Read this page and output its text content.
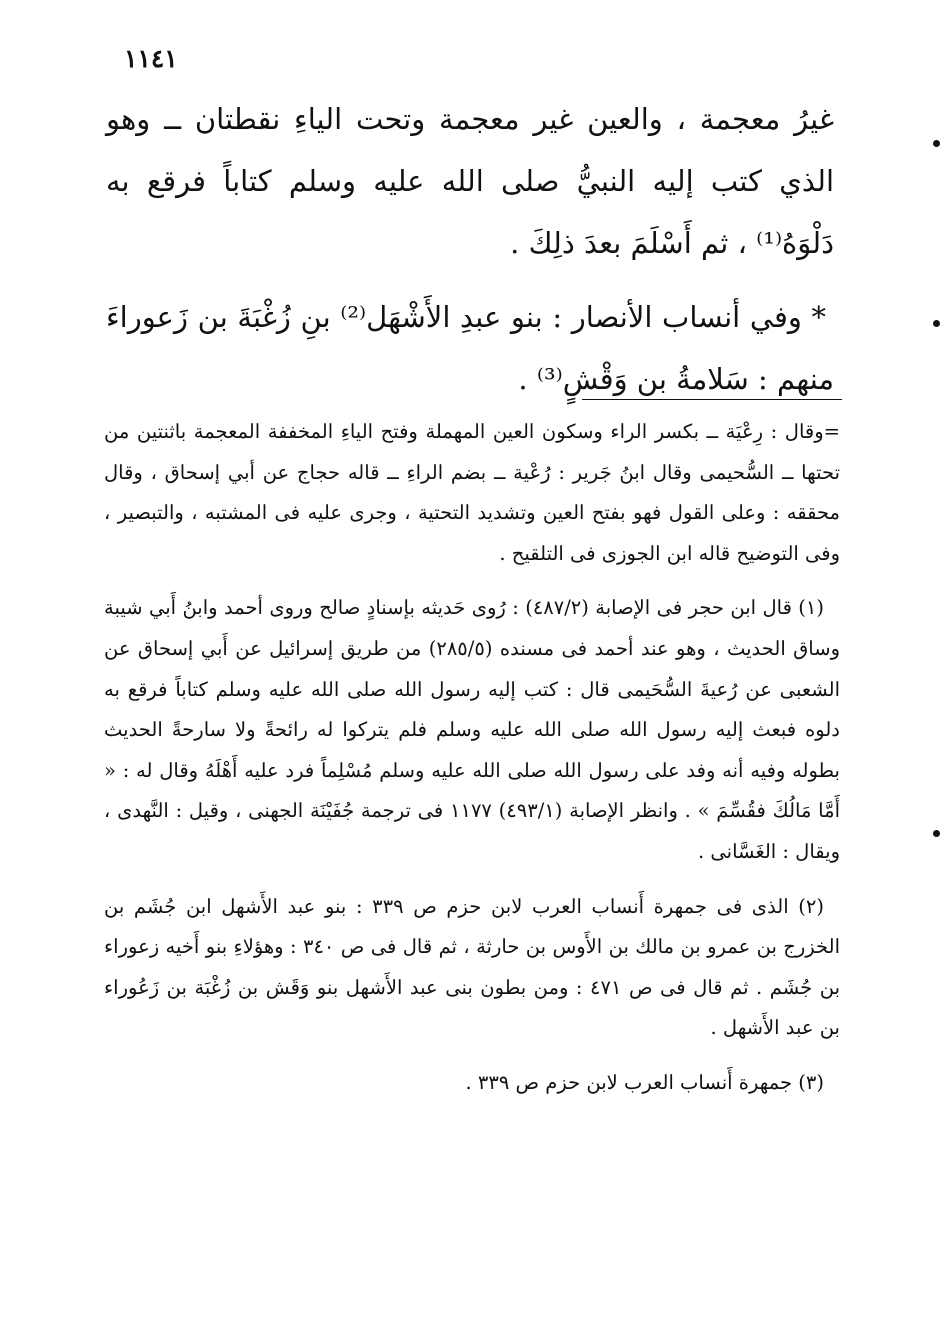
١١٤١

غيرُ معجمة ، والعين غير معجمة وتحت الياءِ نقطتان ــ وهو الذي كتب إليه النبيُّ صلى الله عليه وسلم كتاباً فرقع به دَلْوَهُ⁽¹⁾ ، ثم أَسْلَمَ بعدَ ذلِكَ .

* وفي أنساب الأنصار : بنو عبدِ الأَشْهَل⁽²⁾ بنِ زُغْبَةَ بن زَعوراءَ منهم : سَلامةُ بن وَقْشٍ⁽³⁾ .

=وقال : رِعْيَة ــ بكسر الراء وسكون العين المهملة وفتح الياءِ المخففة المعجمة باثنتين من تحتها ــ السُّحيمى وقال ابنُ جَرير : رُعْية ــ بضم الراءِ ــ قاله حجاج عن أبي إسحاق ، وقال محققه : وعلى القول فهو بفتح العين وتشديد التحتية ، وجرى عليه فى المشتبه ، والتبصير ، وفى التوضيح قاله ابن الجوزى فى التلقيح .

(١) قال ابن حجر فى الإصابة (٤٨٧/٢) : رُوى حَديثه بإسنادٍ صالح وروى أحمد وابنُ أَبي شيبة وساق الحديث ، وهو عند أحمد فى مسنده (٢٨٥/٥) من طريق إسرائيل عن أَبي إسحاق عن الشعبى عن رُعيةَ السُّحَيمى قال : كتب إليه رسول الله صلى الله عليه وسلم كتاباً فرقع به دلوه فبعث إليه رسول الله صلى الله عليه وسلم فلم يتركوا له رائحةً ولا سارحةً الحديث بطوله وفيه أنه وفد على رسول الله صلى الله عليه وسلم مُسْلِماً فرد عليه أَهْلَهُ وقال له : « أَمَّا مَالُكَ فقُسِّمَ » . وانظر الإصابة (٤٩٣/١) ١١٧٧ فى ترجمة جُفَيْنَة الجهنى ، وقيل : النَّهدى ، ويقال : الغَسَّانى .

(٢) الذى فى جمهرة أَنساب العرب لابن حزم ص ٣٣٩ : بنو عبد الأَشهل ابن جُشَم بن الخزرج بن عمرو بن مالك بن الأَوس بن حارثة ، ثم قال فى ص ٣٤٠ : وهؤلاءِ بنو أَخيه زعوراء بن جُشَم . ثم قال فى ص ٤٧١ : ومن بطون بنى عبد الأَشهل بنو وَقَش بن زُغْبَة بن زَعُوراء بن عبد الأَشهل .

(٣) جمهرة أَنساب العرب لابن حزم ص ٣٣٩ .
